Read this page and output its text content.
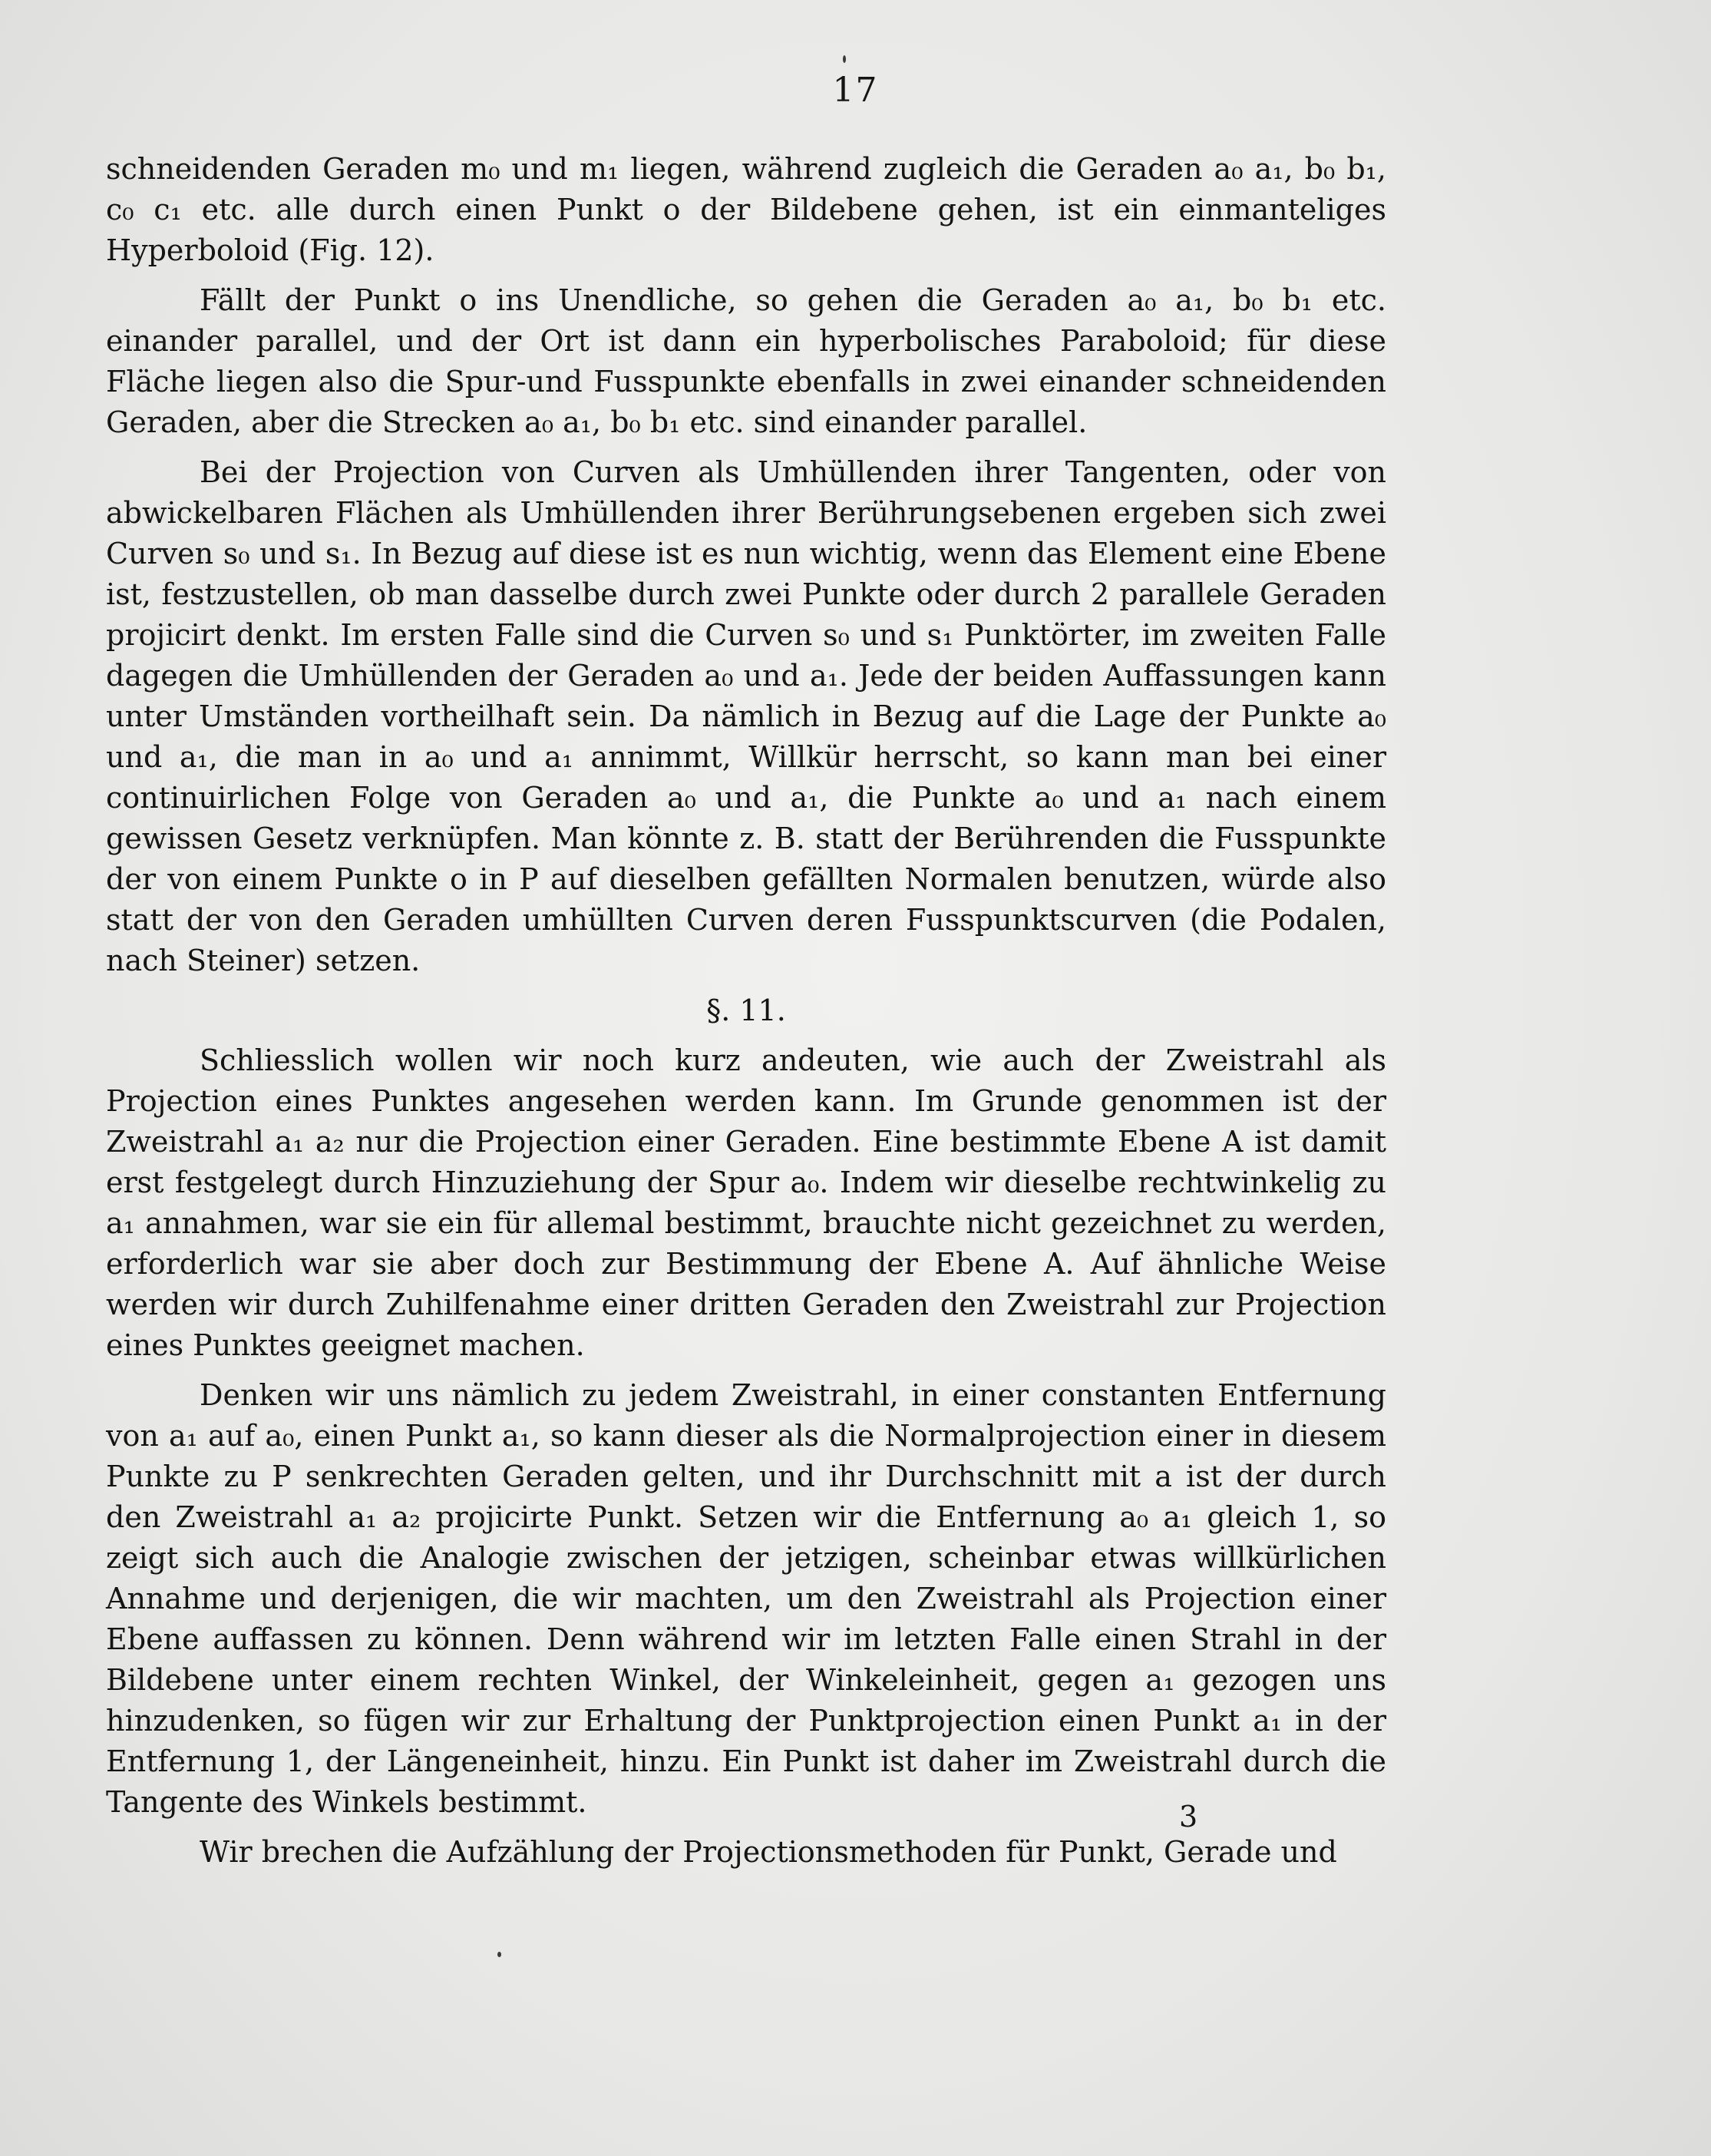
17

schneidenden Geraden m₀ und m₁ liegen, während zugleich die Geraden a₀ a₁, b₀ b₁, c₀ c₁ etc. alle durch einen Punkt o der Bildebene gehen, ist ein einmanteliges Hyperboloid (Fig. 12).

Fällt der Punkt o ins Unendliche, so gehen die Geraden a₀ a₁, b₀ b₁ etc. einander parallel, und der Ort ist dann ein hyperbolisches Paraboloid; für diese Fläche liegen also die Spur-und Fusspunkte ebenfalls in zwei einander schneidenden Geraden, aber die Strecken a₀ a₁, b₀ b₁ etc. sind einander parallel.

Bei der Projection von Curven als Umhüllenden ihrer Tangenten, oder von abwickelbaren Flächen als Umhüllenden ihrer Berührungsebenen ergeben sich zwei Curven s₀ und s₁. In Bezug auf diese ist es nun wichtig, wenn das Element eine Ebene ist, festzustellen, ob man dasselbe durch zwei Punkte oder durch 2 parallele Geraden projicirt denkt. Im ersten Falle sind die Curven s₀ und s₁ Punktörter, im zweiten Falle dagegen die Umhüllenden der Geraden a₀ und a₁. Jede der beiden Auffassungen kann unter Umständen vortheilhaft sein. Da nämlich in Bezug auf die Lage der Punkte a₀ und a₁, die man in a₀ und a₁ annimmt, Willkür herrscht, so kann man bei einer continuirlichen Folge von Geraden a₀ und a₁, die Punkte a₀ und a₁ nach einem gewissen Gesetz verknüpfen. Man könnte z. B. statt der Berührenden die Fusspunkte der von einem Punkte o in P auf dieselben gefällten Normalen benutzen, würde also statt der von den Geraden umhüllten Curven deren Fusspunktscurven (die Podalen, nach Steiner) setzen.

§. 11.

Schliesslich wollen wir noch kurz andeuten, wie auch der Zweistrahl als Projection eines Punktes angesehen werden kann. Im Grunde genommen ist der Zweistrahl a₁ a₂ nur die Projection einer Geraden. Eine bestimmte Ebene A ist damit erst festgelegt durch Hinzuziehung der Spur a₀. Indem wir dieselbe rechtwinkelig zu a₁ annahmen, war sie ein für allemal bestimmt, brauchte nicht gezeichnet zu werden, erforderlich war sie aber doch zur Bestimmung der Ebene A. Auf ähnliche Weise werden wir durch Zuhilfenahme einer dritten Geraden den Zweistrahl zur Projection eines Punktes geeignet machen.

Denken wir uns nämlich zu jedem Zweistrahl, in einer constanten Entfernung von a₁ auf a₀, einen Punkt a₁, so kann dieser als die Normalprojection einer in diesem Punkte zu P senkrechten Geraden gelten, und ihr Durchschnitt mit a ist der durch den Zweistrahl a₁ a₂ projicirte Punkt. Setzen wir die Entfernung a₀ a₁ gleich 1, so zeigt sich auch die Analogie zwischen der jetzigen, scheinbar etwas willkürlichen Annahme und derjenigen, die wir machten, um den Zweistrahl als Projection einer Ebene auffassen zu können. Denn während wir im letzten Falle einen Strahl in der Bildebene unter einem rechten Winkel, der Winkeleinheit, gegen a₁ gezogen uns hinzudenken, so fügen wir zur Erhaltung der Punktprojection einen Punkt a₁ in der Entfernung 1, der Längeneinheit, hinzu. Ein Punkt ist daher im Zweistrahl durch die Tangente des Winkels bestimmt.

Wir brechen die Aufzählung der Projectionsmethoden für Punkt, Gerade und

3
